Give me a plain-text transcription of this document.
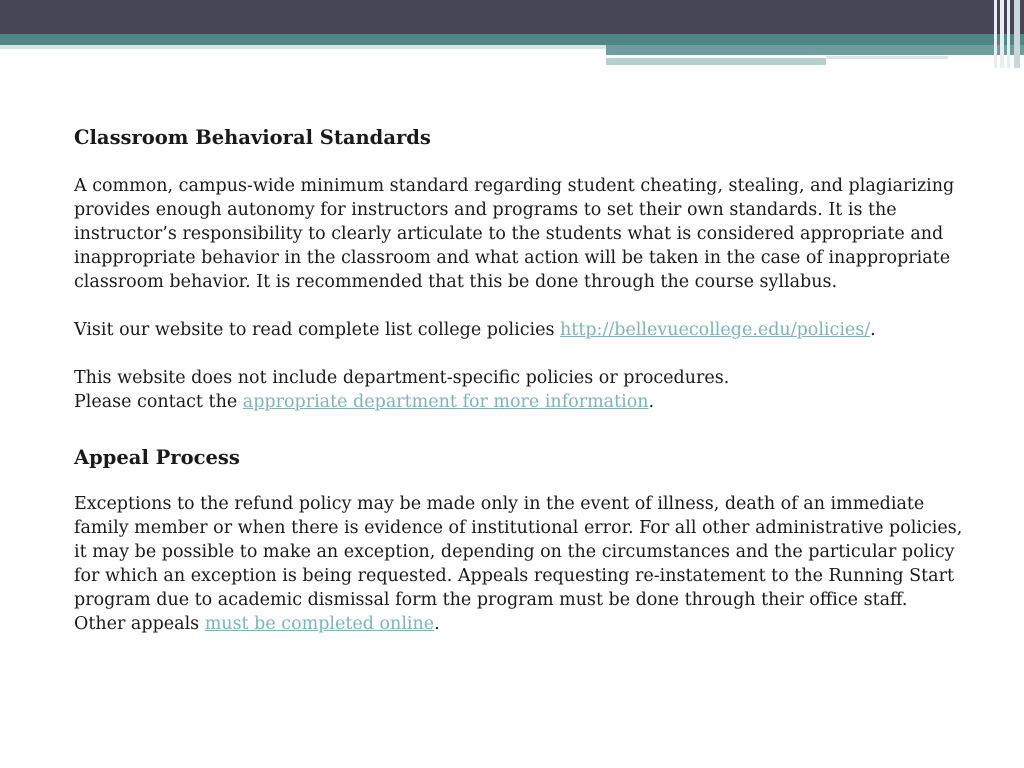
Classroom Behavioral Standards

A common, campus-wide minimum standard regarding student cheating, stealing, and plagiarizing provides enough autonomy for instructors and programs to set their own standards. It is the instructor’s responsibility to clearly articulate to the students what is considered appropriate and inappropriate behavior in the classroom and what action will be taken in the case of inappropriate classroom behavior. It is recommended that this be done through the course syllabus.

Visit our website to read complete list college policies http://bellevuecollege.edu/policies/.

This website does not include department-specific policies or procedures.

Please contact the appropriate department for more information.

Appeal Process

Exceptions to the refund policy may be made only in the event of illness, death of an immediate family member or when there is evidence of institutional error. For all other administrative policies, it may be possible to make an exception, depending on the circumstances and the particular policy for which an exception is being requested. Appeals requesting re-instatement to the Running Start program due to academic dismissal form the program must be done through their office staff. Other appeals must be completed online.
